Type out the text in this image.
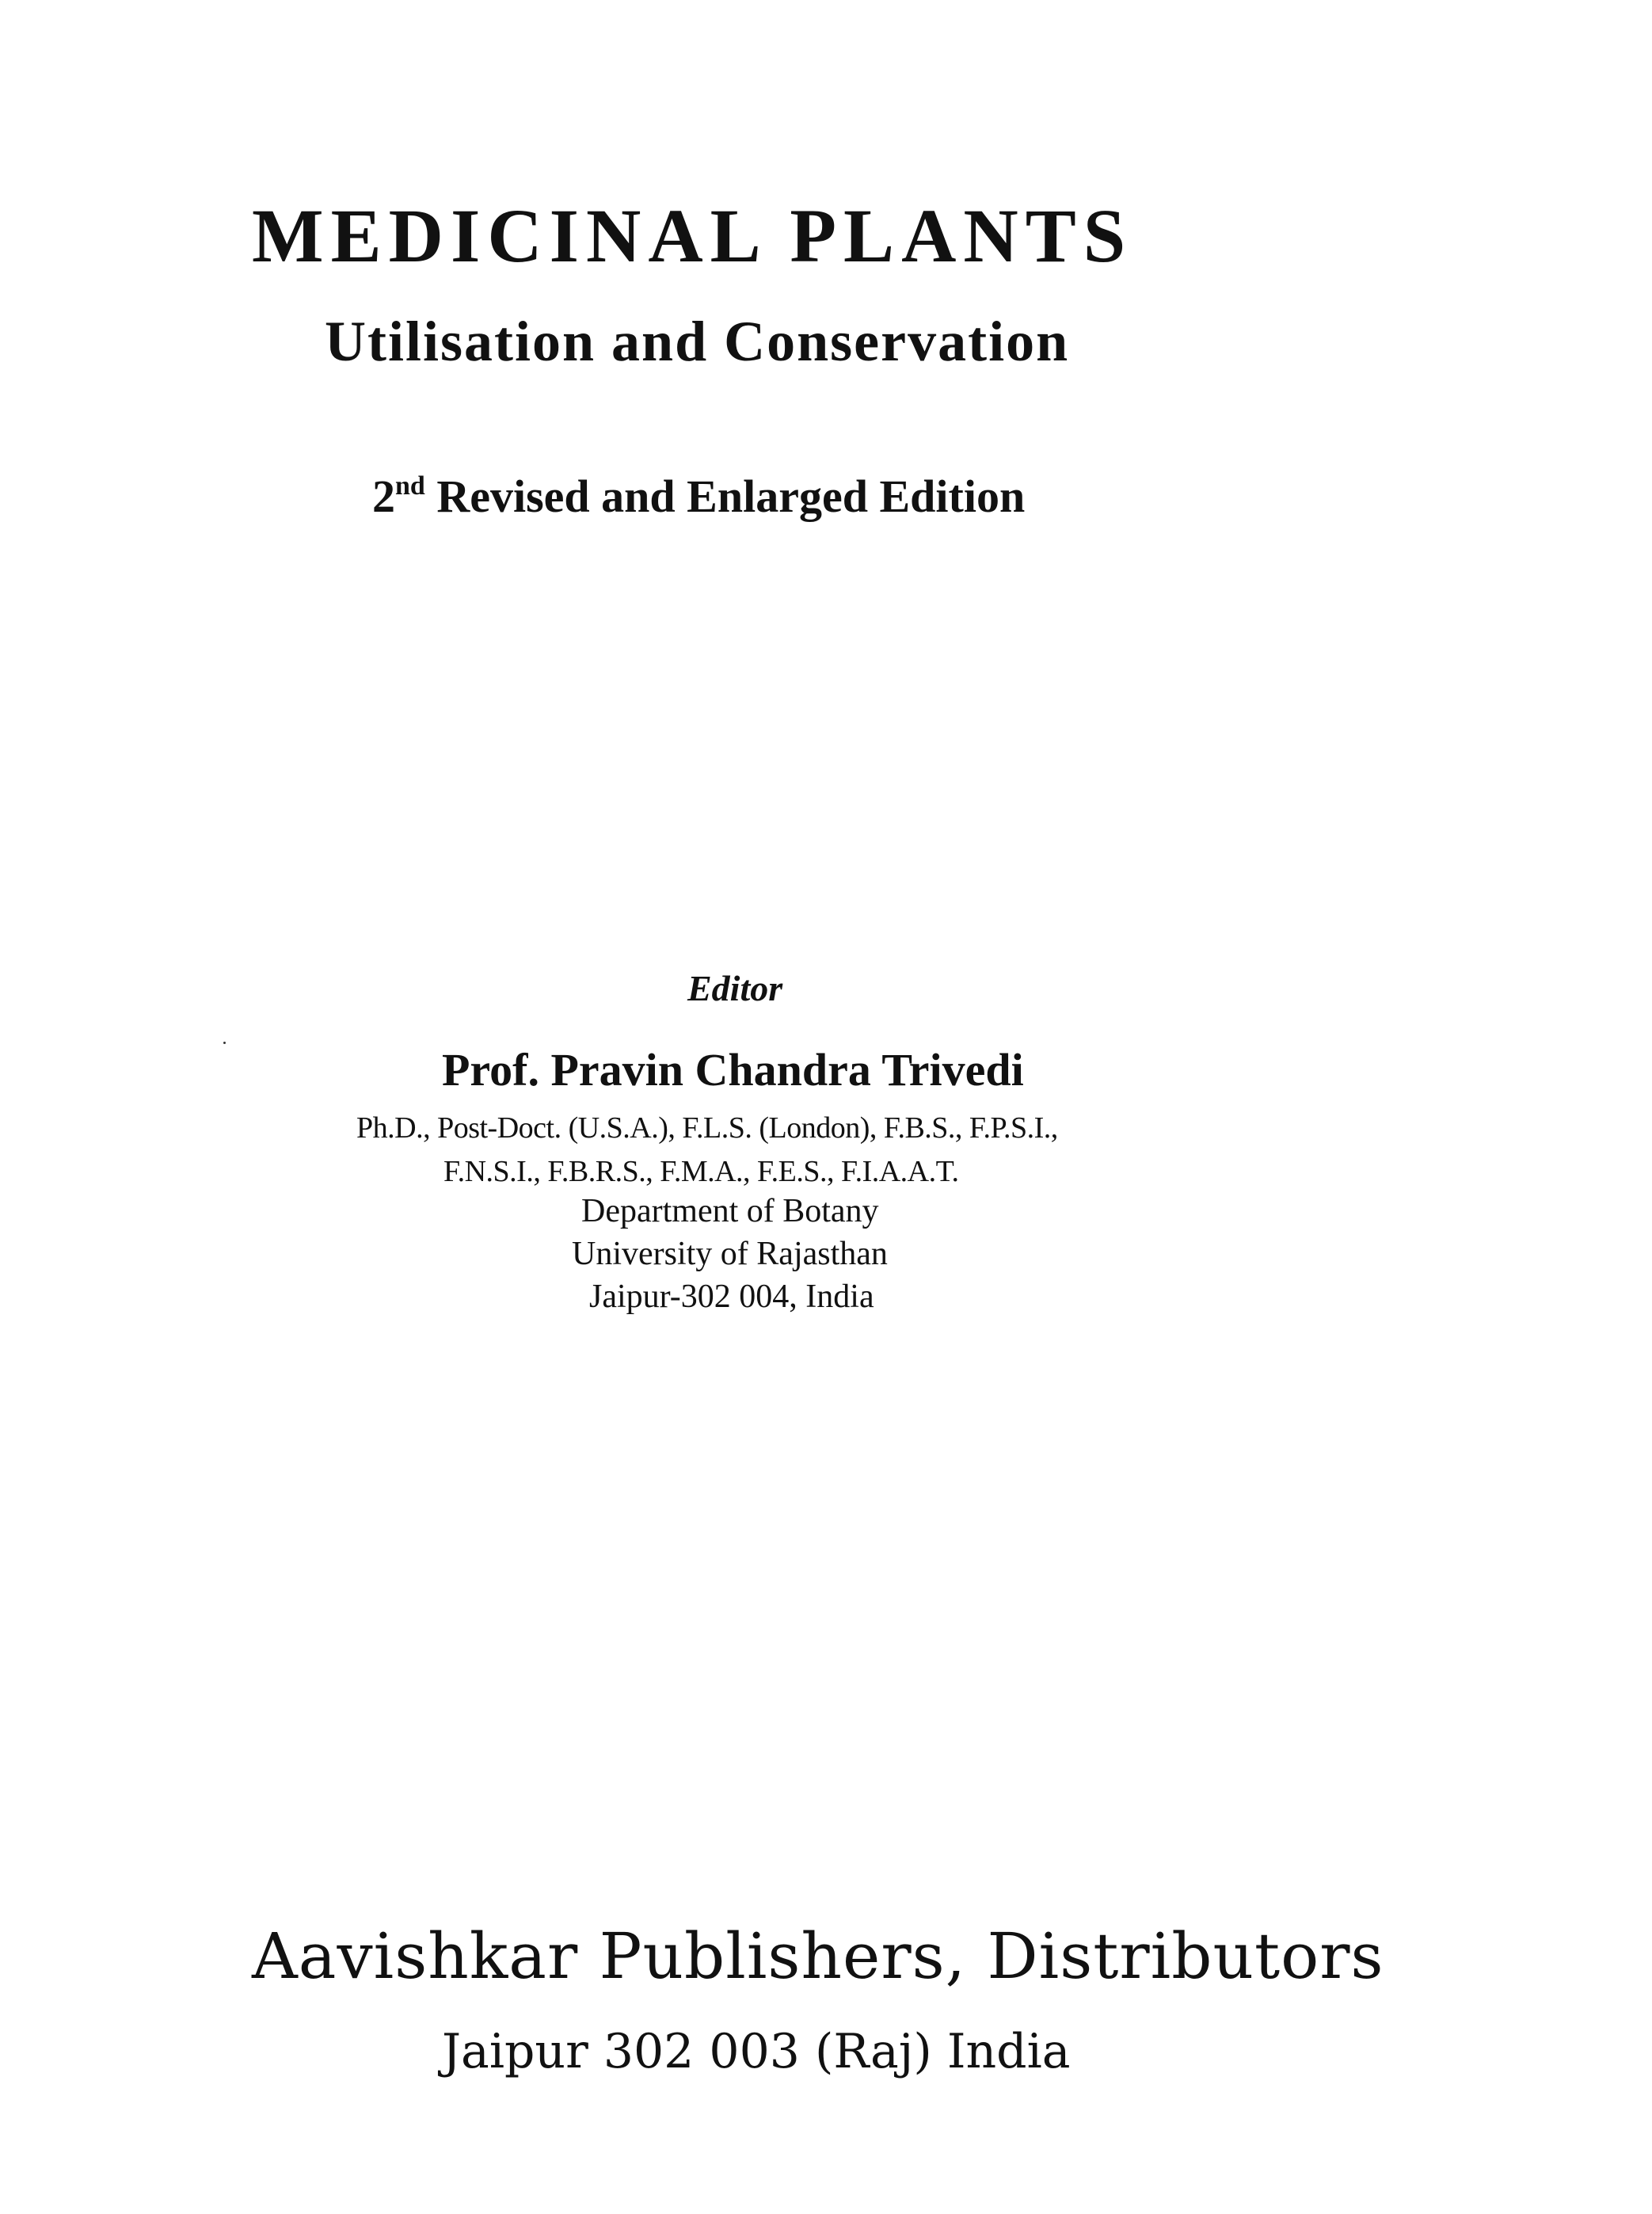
MEDICINAL PLANTS
Utilisation and Conservation
2nd Revised and Enlarged Edition
Editor
Prof. Pravin Chandra Trivedi
Ph.D., Post-Doct. (U.S.A.), F.L.S. (London), F.B.S., F.P.S.I.,
F.N.S.I., F.B.R.S., F.M.A., F.E.S., F.I.A.A.T.
Department of Botany
University of Rajasthan
Jaipur-302 004, India
Aavishkar Publishers, Distributors
Jaipur 302 003 (Raj) India
